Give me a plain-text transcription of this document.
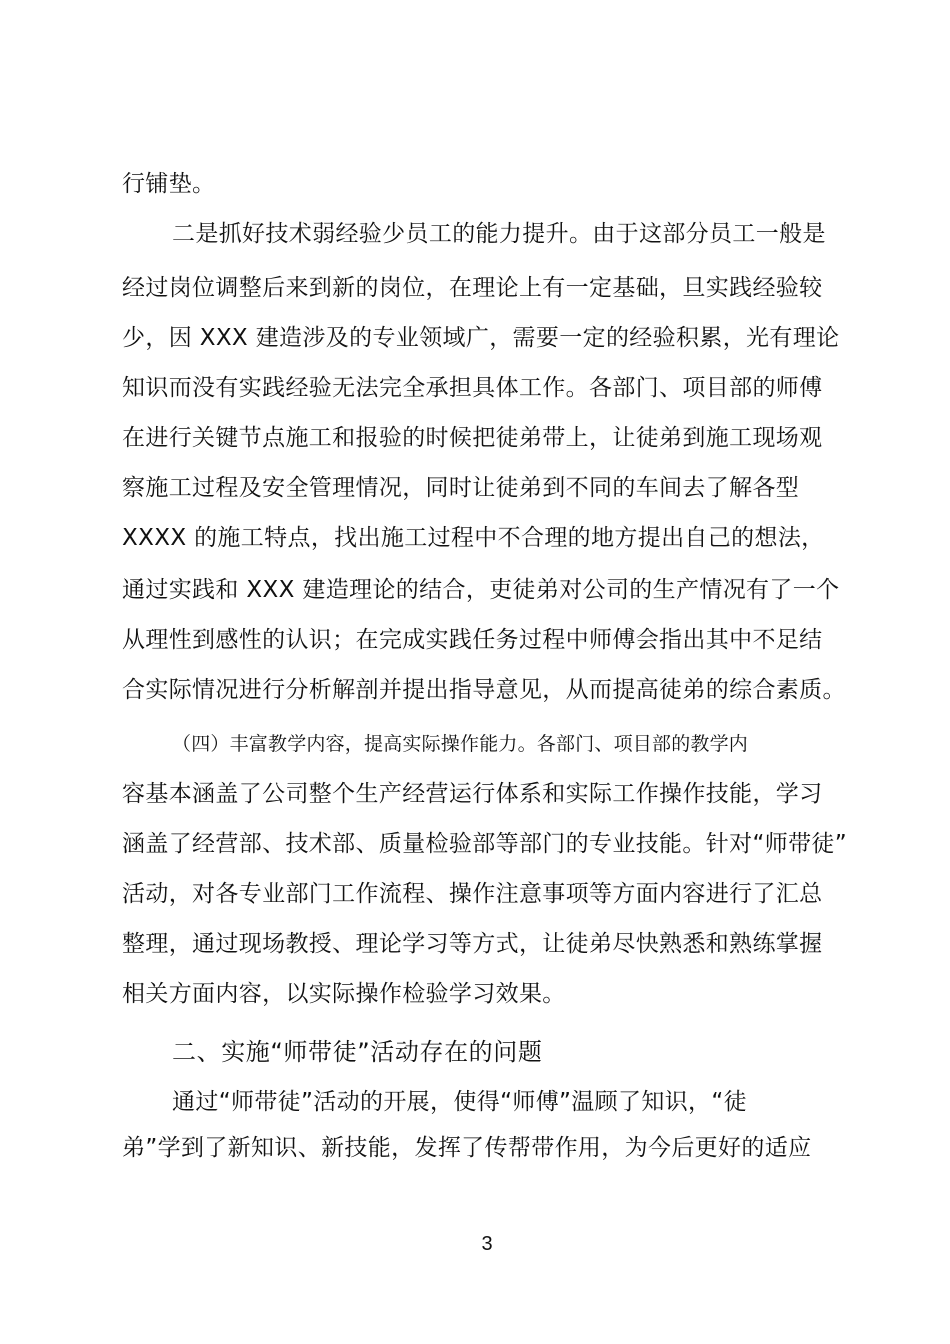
行铺垫。
二是抓好技术弱经验少员工的能力提升。由于这部分员工一般是
经过岗位调整后来到新的岗位，在理论上有一定基础，旦实践经验较
少，因 XXX 建造涉及的专业领域广，需要一定的经验积累，光有理论
知识而没有实践经验无法完全承担具体工作。各部门、项目部的师傅
在进行关键节点施工和报验的时候把徒弟带上，让徒弟到施工现场观
察施工过程及安全管理情况，同时让徒弟到不同的车间去了解各型
XXXX 的施工特点，找出施工过程中不合理的地方提出自己的想法，
通过实践和 XXX 建造理论的结合，吏徒弟对公司的生产情况有了一个
从理性到感性的认识；在完成实践任务过程中师傅会指出其中不足结
合实际情况进行分析解剖并提出指导意见，从而提高徒弟的综合素质。
（四）丰富教学内容，提高实际操作能力。各部门、项目部的教学内
容基本涵盖了公司整个生产经营运行体系和实际工作操作技能，学习
涵盖了经营部、技术部、质量检验部等部门的专业技能。针对“师带徒”
活动，对各专业部门工作流程、操作注意事项等方面内容进行了汇总
整理，通过现场教授、理论学习等方式，让徒弟尽快熟悉和熟练掌握
相关方面内容，以实际操作检验学习效果。
二、实施“师带徒”活动存在的问题
通过“师带徒”活动的开展，使得“师傅”温顾了知识，“徒
弟”学到了新知识、新技能，发挥了传帮带作用，为今后更好的适应
3
